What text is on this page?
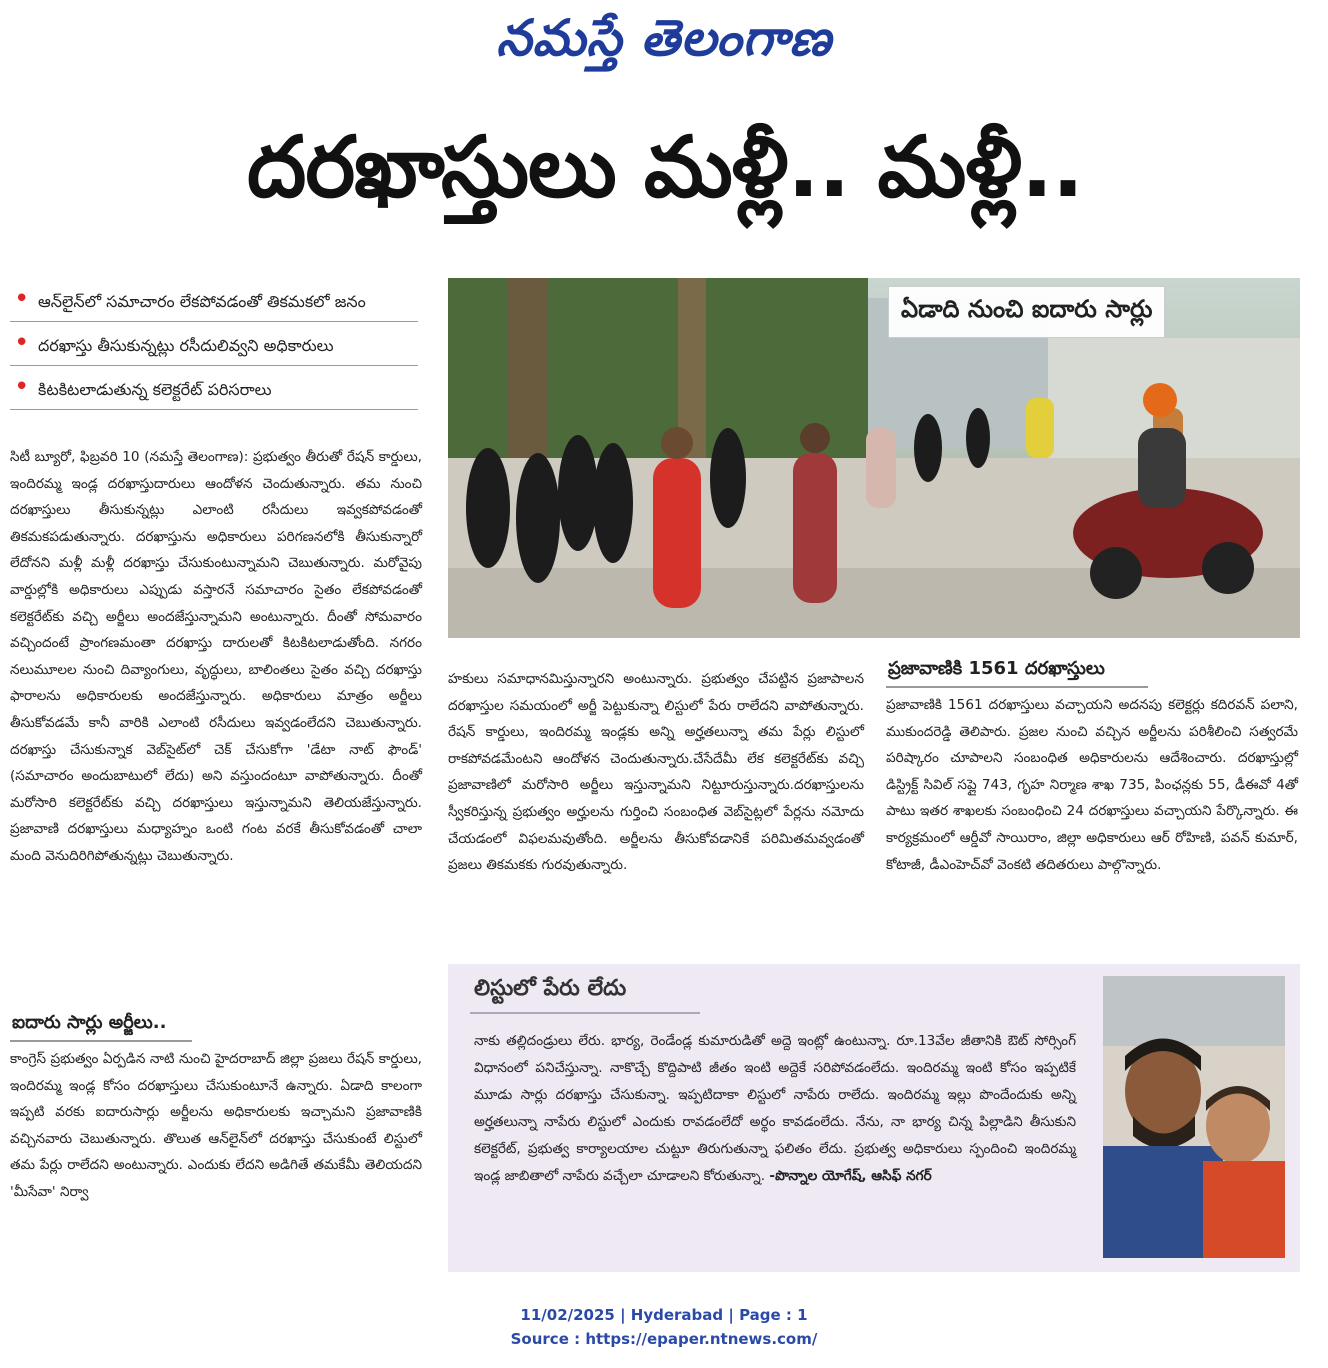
నమస్తే తెలంగాణ
దరఖాస్తులు మళ్లీ.. మళ్లీ..
• ఆన్‌లైన్‌లో సమాచారం లేకపోవడంతో తికమకలో జనం
• దరఖాస్తు తీసుకున్నట్లు రసీదులివ్వని అధికారులు
• కిటకిటలాడుతున్న కలెక్టరేట్ పరిసరాలు
సిటీ బ్యూరో, ఫిబ్రవరి 10 (నమస్తే తెలంగాణ): ప్రభుత్వం తీరుతో రేషన్ కార్డులు, ఇందిరమ్మ ఇండ్ల దరఖాస్తుదారులు ఆందోళన చెందుతున్నారు. తమ నుంచి దరఖాస్తులు తీసుకున్నట్లు ఎలాంటి రసీదులు ఇవ్వకపోవడంతో తికమకపడుతున్నారు. దరఖాస్తును అధికారులు పరిగణనలోకి తీసుకున్నారో లేదోనని మళ్లీ మళ్లీ దరఖాస్తు చేసుకుంటున్నామని చెబుతున్నారు. మరోవైపు వార్డుల్లోకి అధికారులు ఎప్పుడు వస్తారనే సమాచారం సైతం లేకపోవడంతో కలెక్టరేట్‌కు వచ్చి అర్జీలు అందజేస్తున్నామని అంటున్నారు. దీంతో సోమవారం వచ్చిందంటే ప్రాంగణమంతా దరఖాస్తు దారులతో కిటకిటలాడుతోంది. నగరం నలుమూలల నుంచి దివ్యాంగులు, వృద్ధులు, బాలింతలు సైతం వచ్చి దరఖాస్తు ఫారాలను అధికారులకు అందజేస్తున్నారు. అధికారులు మాత్రం అర్జీలు తీసుకోవడమే కానీ వారికి ఎలాంటి రసీదులు ఇవ్వడంలేదని చెబుతున్నారు. దరఖాస్తు చేసుకున్నాక వెబ్‌సైట్‌లో చెక్ చేసుకోగా 'డేటా నాట్ ఫౌండ్' (సమాచారం అందుబాటులో లేదు) అని వస్తుందంటూ వాపోతున్నారు. దీంతో మరోసారి కలెక్టరేట్‌కు వచ్చి దరఖాస్తులు ఇస్తున్నామని తెలియజేస్తున్నారు. ప్రజావాణి దరఖాస్తులు మధ్యాహ్నం ఒంటి గంట వరకే తీసుకోవడంతో చాలా మంది వెనుదిరిగిపోతున్నట్లు చెబుతున్నారు.
ఐదారు సార్లు అర్జీలు..
కాంగ్రెస్ ప్రభుత్వం ఏర్పడిన నాటి నుంచి హైదరాబాద్ జిల్లా ప్రజలు రేషన్ కార్డులు, ఇందిరమ్మ ఇండ్ల కోసం దరఖాస్తులు చేసుకుంటూనే ఉన్నారు. ఏడాది కాలంగా ఇప్పటి వరకు ఐదారుసార్లు అర్జీలను అధికారులకు ఇచ్చామని ప్రజావాణికి వచ్చినవారు చెబుతున్నారు. తొలుత ఆన్‌లైన్‌లో దరఖాస్తు చేసుకుంటే లిస్టులో తమ పేర్లు రాలేదని అంటున్నారు. ఎందుకు లేదని అడిగితే తమకేమీ తెలియదని 'మీసేవా' నిర్వా
ఏడాది నుంచి ఐదారు సార్లు
హకులు సమాధానమిస్తున్నారని అంటున్నారు. ప్రభుత్వం చేపట్టిన ప్రజాపాలన దరఖాస్తుల సమయంలో అర్జీ పెట్టుకున్నా లిస్టులో పేరు రాలేదని వాపోతున్నారు. రేషన్ కార్డులు, ఇందిరమ్మ ఇండ్లకు అన్ని అర్హతలున్నా తమ పేర్లు లిస్టులో రాకపోవడమేంటని ఆందోళన చెందుతున్నారు.చేసేదేమీ లేక కలెక్టరేట్‌కు వచ్చి ప్రజావాణిలో మరోసారి అర్జీలు ఇస్తున్నామని నిట్టూరుస్తున్నారు.దరఖాస్తులను స్వీకరిస్తున్న ప్రభుత్వం అర్హులను గుర్తించి సంబంధిత వెబ్‌సైట్లలో పేర్లను నమోదు చేయడంలో విఫలమవుతోంది. అర్జీలను తీసుకోవడానికే పరిమితమవ్వడంతో ప్రజలు తికమకకు గురవుతున్నారు.
ప్రజావాణికి 1561 దరఖాస్తులు
ప్రజావాణికి 1561 దరఖాస్తులు వచ్చాయని అదనపు కలెక్టర్లు కదిరవన్ పలాని, ముకుందరెడ్డి తెలిపారు. ప్రజల నుంచి వచ్చిన అర్జీలను పరిశీలించి సత్వరమే పరిష్కారం చూపాలని సంబంధిత అధికారులను ఆదేశించారు. దరఖాస్తుల్లో డిస్ట్రిక్ట్ సివిల్ సప్లై 743, గృహ నిర్మాణ శాఖ 735, పింఛన్లకు 55, డీఈవో 4తో పాటు ఇతర శాఖలకు సంబంధించి 24 దరఖాస్తులు వచ్చాయని పేర్కొన్నారు. ఈ కార్యక్రమంలో ఆర్డీవో సాయిరాం, జిల్లా అధికారులు ఆర్ రోహిణి, పవన్ కుమార్, కోటాజీ, డీఎంహెచ్‌వో వెంకటి తదితరులు పాల్గొన్నారు.
లిస్టులో పేరు లేదు
నాకు తల్లిదండ్రులు లేరు. భార్య, రెండేండ్ల కుమారుడితో అద్దె ఇంట్లో ఉంటున్నా. రూ.13వేల జీతానికి ఔట్ సోర్సింగ్ విధానంలో పనిచేస్తున్నా. నాకొచ్చే కొద్దిపాటి జీతం ఇంటి అద్దెకే సరిపోవడంలేదు. ఇందిరమ్మ ఇంటి కోసం ఇప్పటికే మూడు సార్లు దరఖాస్తు చేసుకున్నా. ఇప్పటిదాకా లిస్టులో నాపేరు రాలేదు. ఇందిరమ్మ ఇల్లు పొందేందుకు అన్ని అర్హతలున్నా నాపేరు లిస్టులో ఎందుకు రావడంలేదో అర్థం కావడంలేదు. నేను, నా భార్య చిన్న పిల్లాడిని తీసుకుని కలెక్టరేట్, ప్రభుత్వ కార్యాలయాల చుట్టూ తిరుగుతున్నా ఫలితం లేదు. ప్రభుత్వ అధికారులు స్పందించి ఇందిరమ్మ ఇండ్ల జాబితాలో నాపేరు వచ్చేలా చూడాలని కోరుతున్నా. -పొన్నాల యోగేష్, ఆసిఫ్ నగర్
11/02/2025 | Hyderabad | Page : 1
Source : https://epaper.ntnews.com/
